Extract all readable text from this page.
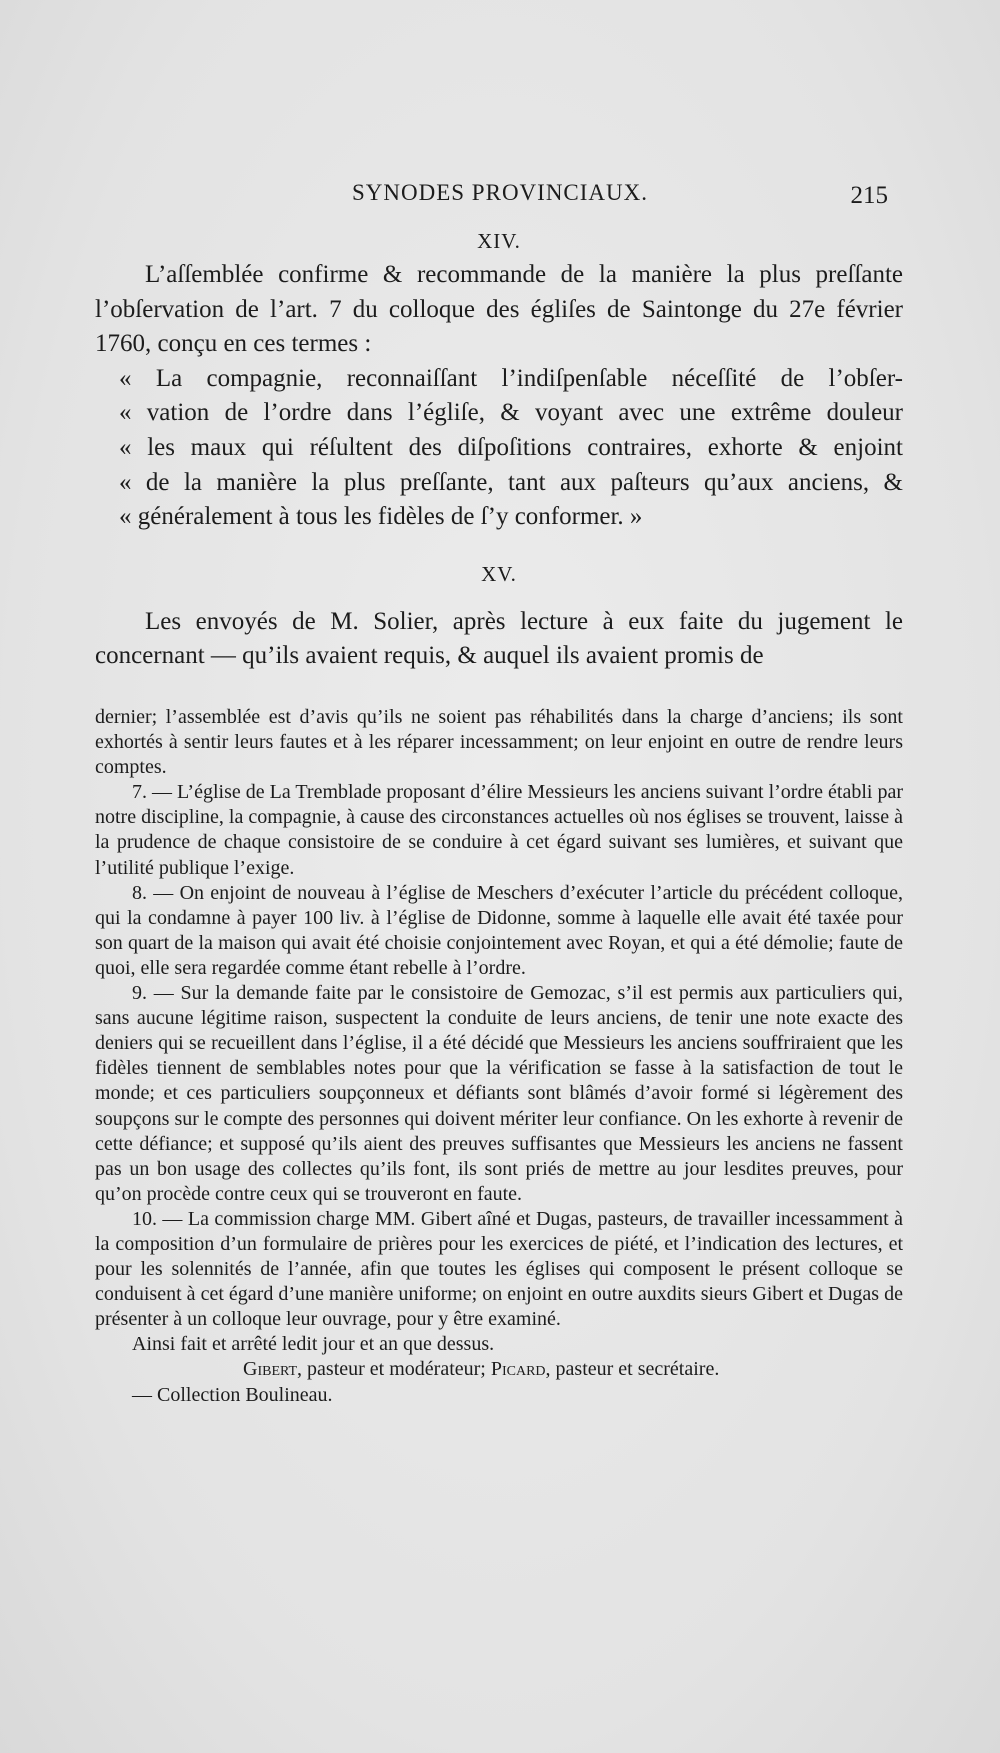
SYNODES PROVINCIAUX.	215
XIV.

L’aſſemblée confirme & recommande de la manière la plus preſſante l’obſervation de l’art. 7 du colloque des égliſes de Saintonge du 27e février 1760, conçu en ces termes :

« La compagnie, reconnaiſſant l’indiſpenſable néceſſité de l’obſer-
« vation de l’ordre dans l’égliſe, & voyant avec une extrême douleur
« les maux qui réſultent des diſpoſitions contraires, exhorte & enjoint
« de la manière la plus preſſante, tant aux paſteurs qu’aux anciens, &
« généralement à tous les fidèles de ſ’y conformer. »

XV.

Les envoyés de M. Solier, après lecture à eux faite du jugement le concernant — qu’ils avaient requis, & auquel ils avaient promis de

dernier; l’assemblée est d’avis qu’ils ne soient pas réhabilités dans la charge d’anciens; ils sont exhortés à sentir leurs fautes et à les réparer incessamment; on leur enjoint en outre de rendre leurs comptes.

7. — L’église de La Tremblade proposant d’élire Messieurs les anciens suivant l’ordre établi par notre discipline, la compagnie, à cause des circonstances actuelles où nos églises se trouvent, laisse à la prudence de chaque consistoire de se conduire à cet égard suivant ses lumières, et suivant que l’utilité publique l’exige.

8. — On enjoint de nouveau à l’église de Meschers d’exécuter l’article du précédent colloque, qui la condamne à payer 100 liv. à l’église de Didonne, somme à laquelle elle avait été taxée pour son quart de la maison qui avait été choisie conjointement avec Royan, et qui a été démolie; faute de quoi, elle sera regardée comme étant rebelle à l’ordre.

9. — Sur la demande faite par le consistoire de Gemozac, s’il est permis aux particuliers qui, sans aucune légitime raison, suspectent la conduite de leurs anciens, de tenir une note exacte des deniers qui se recueillent dans l’église, il a été décidé que Messieurs les anciens souffriraient que les fidèles tiennent de semblables notes pour que la vérification se fasse à la satisfaction de tout le monde; et ces particuliers soupçonneux et défiants sont blâmés d’avoir formé si légèrement des soupçons sur le compte des personnes qui doivent mériter leur confiance. On les exhorte à revenir de cette défiance; et supposé qu’ils aient des preuves suffisantes que Messieurs les anciens ne fassent pas un bon usage des collectes qu’ils font, ils sont priés de mettre au jour lesdites preuves, pour qu’on procède contre ceux qui se trouveront en faute.

10. — La commission charge MM. Gibert aîné et Dugas, pasteurs, de travailler incessamment à la composition d’un formulaire de prières pour les exercices de piété, et l’indication des lectures, et pour les solennités de l’année, afin que toutes les églises qui composent le présent colloque se conduisent à cet égard d’une manière uniforme; on enjoint en outre auxdits sieurs Gibert et Dugas de présenter à un colloque leur ouvrage, pour y être examiné.

Ainsi fait et arrêté ledit jour et an que dessus.

Gibert, pasteur et modérateur; Picard, pasteur et secrétaire.

— Collection Boulineau.
